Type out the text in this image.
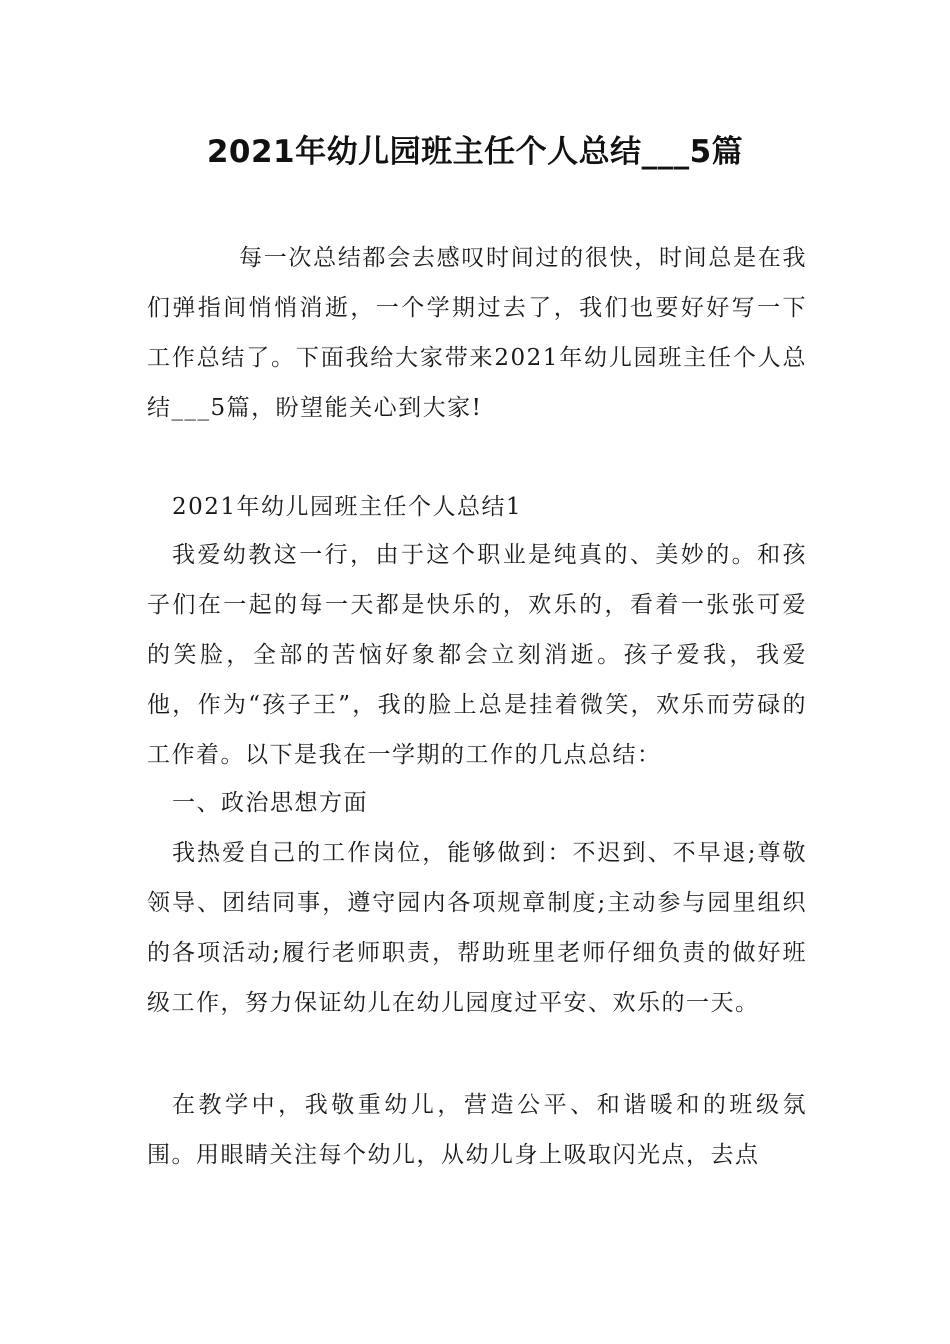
2021年幼儿园班主任个人总结___5篇

每一次总结都会去感叹时间过的很快，时间总是在我们弹指间悄悄消逝，一个学期过去了，我们也要好好写一下工作总结了。下面我给大家带来2021年幼儿园班主任个人总结___5篇，盼望能关心到大家!

2021年幼儿园班主任个人总结1

我爱幼教这一行，由于这个职业是纯真的、美妙的。和孩子们在一起的每一天都是快乐的，欢乐的，看着一张张可爱的笑脸，全部的苦恼好象都会立刻消逝。孩子爱我，我爱他，作为“孩子王”，我的脸上总是挂着微笑，欢乐而劳碌的工作着。以下是我在一学期的工作的几点总结：

一、政治思想方面

我热爱自己的工作岗位，能够做到：不迟到、不早退;尊敬领导、团结同事，遵守园内各项规章制度;主动参与园里组织的各项活动;履行老师职责，帮助班里老师仔细负责的做好班级工作，努力保证幼儿在幼儿园度过平安、欢乐的一天。

在教学中，我敬重幼儿，营造公平、和谐暖和的班级氛围。用眼睛关注每个幼儿，从幼儿身上吸取闪光点，去点
